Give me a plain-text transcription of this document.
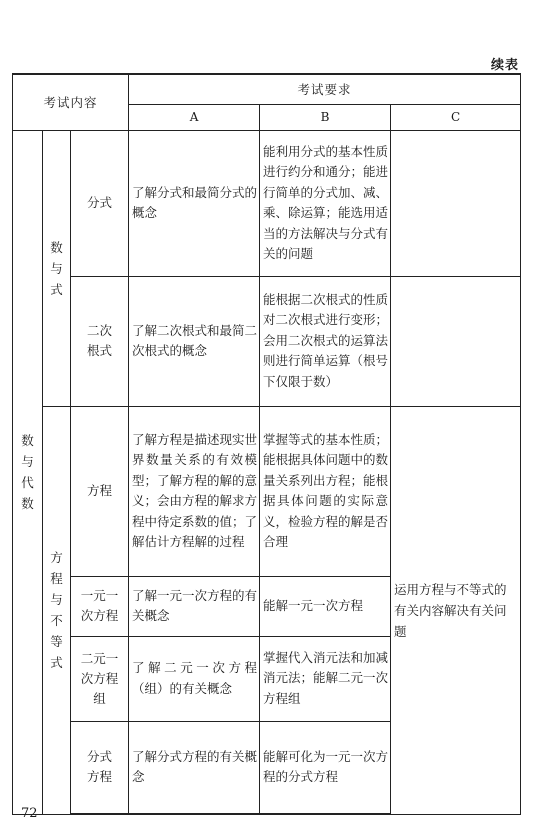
续表
考试内容			考试要求		
			A	B	C
数与代数	数与式	分式	了解分式和最简分式的概念	能利用分式的基本性质进行约分和通分；能进行简单的分式加、减、乘、除运算；能选用适当的方法解决与分式有关的问题	
		二次根式	了解二次根式和最简二次根式的概念	能根据二次根式的性质对二次根式进行变形；会用二次根式的运算法则进行简单运算（根号下仅限于数）	
	方程与不等式	方程	了解方程是描述现实世界数量关系的有效模型；了解方程的解的意义；会由方程的解求方程中待定系数的值；了解估计方程解的过程	掌握等式的基本性质；能根据具体问题中的数量关系列出方程；能根据具体问题的实际意义，检验方程的解是否合理	运用方程与不等式的有关内容解决有关问题
		一元一次方程	了解一元一次方程的有关概念	能解一元一次方程	
		二元一次方程组	了解二元一次方程（组）的有关概念	掌握代入消元法和加减消元法；能解二元一次方程组	
		分式方程	了解分式方程的有关概念	能解可化为一元一次方程的分式方程	
72
